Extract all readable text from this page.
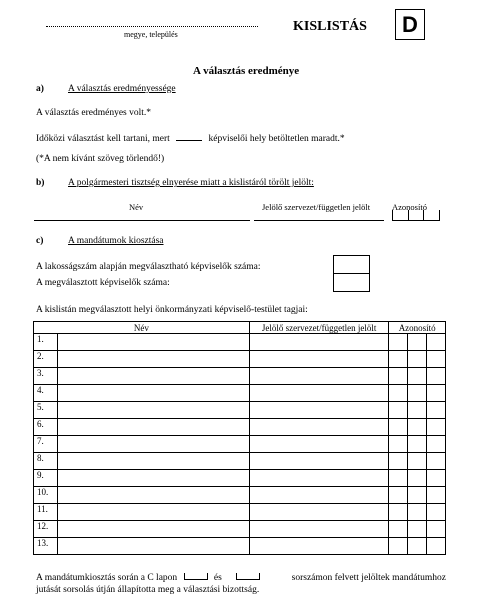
megye, település
KISLISTÁS	D
A választás eredménye
a)	A választás eredményessége
A választás eredményes volt.*
Időközi választást kell tartani, mert	képviselői hely betöltetlen maradt.*
(*A nem kívánt szöveg törlendő!)
b) A polgármesteri tisztség elnyerése miatt a kislistáról törölt jelölt:
Név	Jelölő szervezet/független jelölt	Azonosító
c)	A mandátumok kiosztása
A lakosságszám alapján megválasztható képviselők száma:
A megválasztott képviselők száma:
A kislistán megválasztott helyi önkormányzati képviselő-testület tagjai:
Név		Jelölő szervezet/független jelölt	Azonosító		
1.					
2.					
3.					
4.					
5.					
6.					
7.					
8.					
9.					
10.					
11.					
12.					
13.					
A mandátumkiosztás során a C lapon	és	sorszámon felvett jelöltek mandátumhoz
jutását sorsolás útján állapította meg a választási bizottság.
